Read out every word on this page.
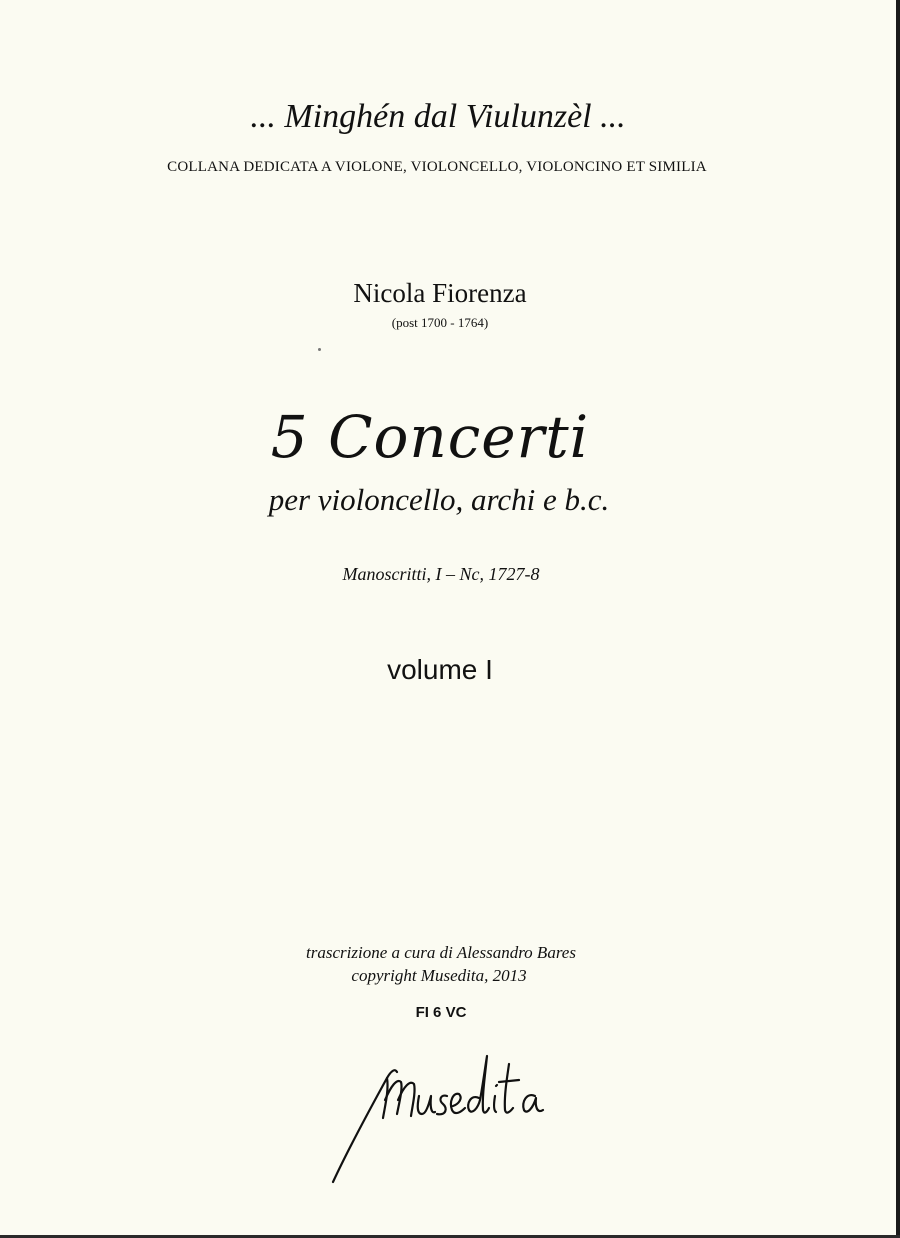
... Minghén dal Viulunzèl ...
COLLANA DEDICATA A VIOLONE, VIOLONCELLO, VIOLONCINO ET SIMILIA
Nicola Fiorenza
(post 1700 - 1764)
5 Concerti
per violoncello, archi e b.c.
Manoscritti, I – Nc, 1727-8
volume I
trascrizione a cura di Alessandro Bares
copyright Musedita, 2013
FI 6 VC
